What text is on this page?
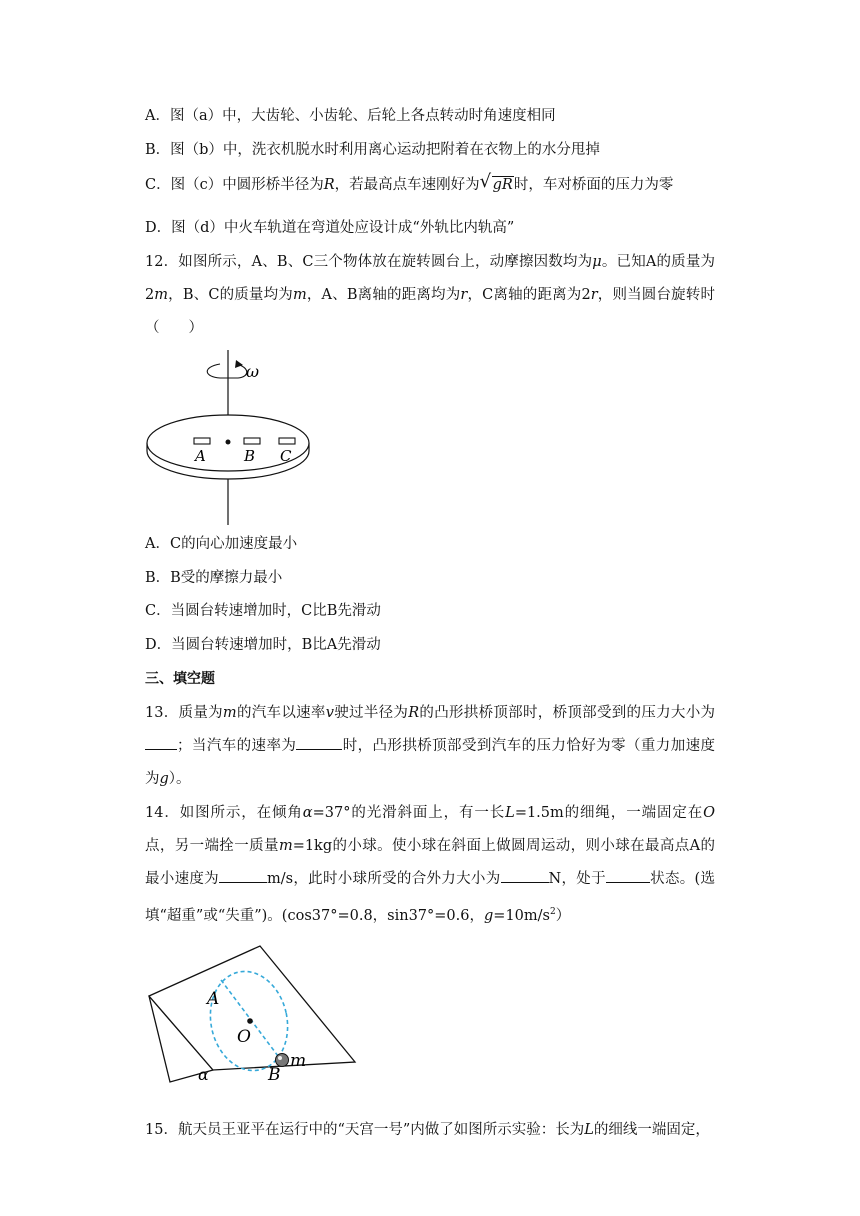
A．图（a）中，大齿轮、小齿轮、后轮上各点转动时角速度相同
B．图（b）中，洗衣机脱水时利用离心运动把附着在衣物上的水分甩掉
C．图（c）中圆形桥半径为R，若最高点车速刚好为 √ gR时，车对桥面的压力为零
D．图（d）中火车轨道在弯道处应设计成“外轨比内轨高”

12．如图所示，A、B、C三个物体放在旋转圆台上，动摩擦因数均为μ。已知A的质量为2m，B、C的质量均为m，A、B离轴的距离均为r，C离轴的距离为2r，则当圆台旋转时（　　）

ω
A	B C
A．C的向心加速度最小
B．B受的摩擦力最小
C．当圆台转速增加时，C比B先滑动
D．当圆台转速增加时，B比A先滑动
三、填空题

13．质量为m的汽车以速率v驶过半径为R的凸形拱桥顶部时，桥顶部受到的压力大小为；当汽车的速率为	时，凸形拱桥顶部受到汽车的压力恰好为零（重力加速度为g）。

14．如图所示，在倾角α=37°的光滑斜面上，有一长L=1.5m的细绳，一端固定在O点，另一端拴一质量m=1kg的小球。使小球在斜面上做圆周运动，则小球在最高点A的最小速度为	m/s，此时小球所受的合外力大小为	N，处于	状态。(选填“超重”或“失重”)。(cos37°=0.8，sin37°=0.6，$g=10m/s^2$）

A
O
m
B
α
15．航天员王亚平在运行中的“天宫一号”内做了如图所示实验：长为L的细线一端固定，
